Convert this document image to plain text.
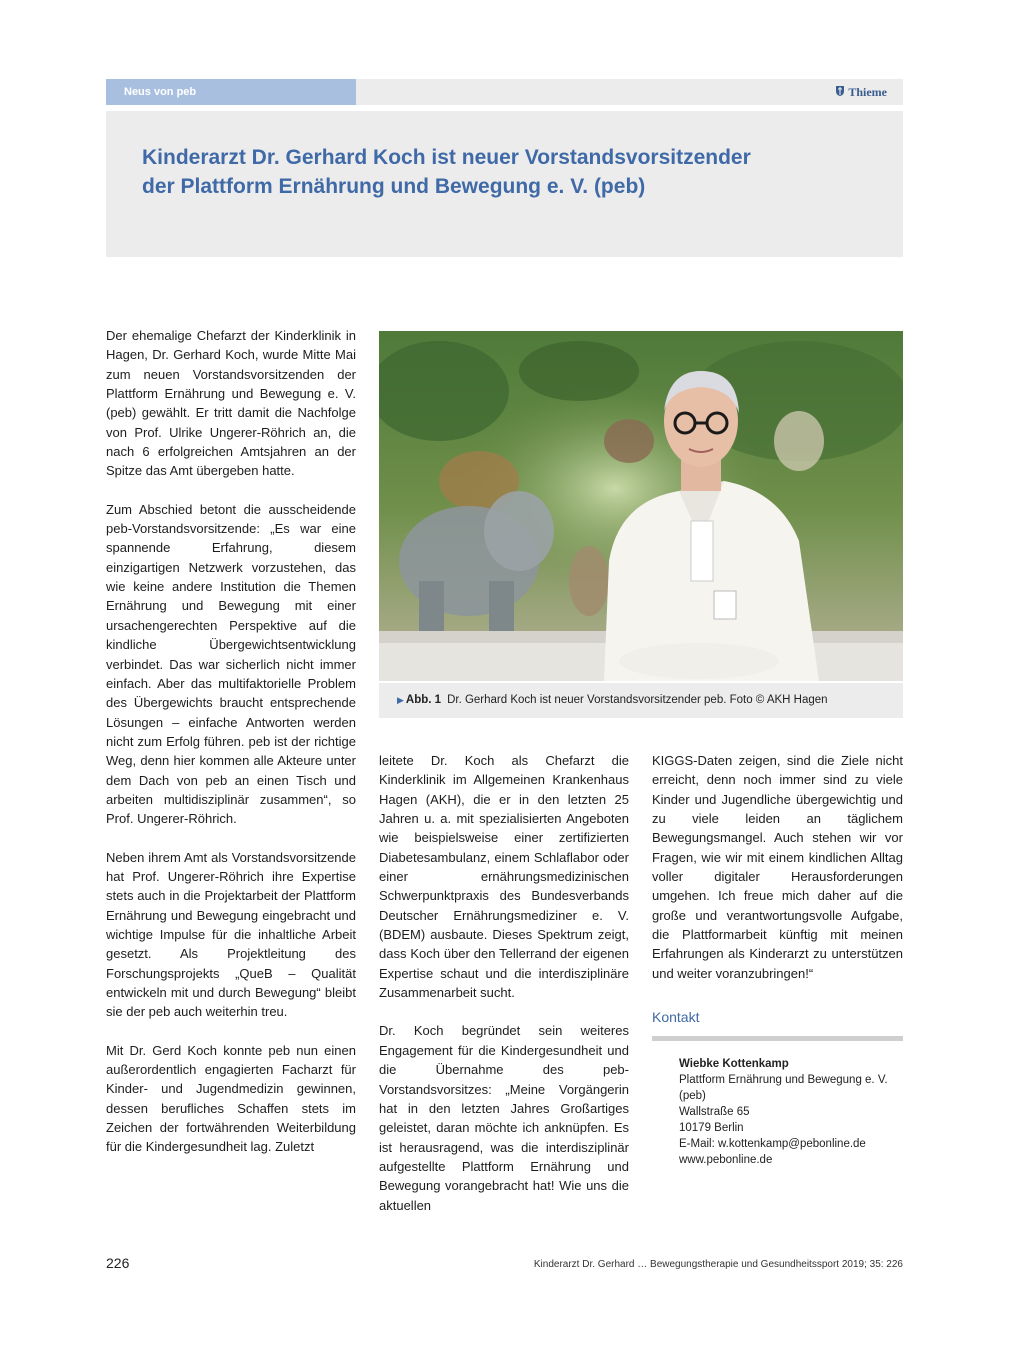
Neus von peb	Thieme
Kinderarzt Dr. Gerhard Koch ist neuer Vorstandsvorsitzender
der Plattform Ernährung und Bewegung e. V. (peb)

Der ehemalige Chefarzt der Kinderklinik in Hagen, Dr. Gerhard Koch, wurde Mitte Mai zum neuen Vorstandsvorsitzenden der Plattform Ernährung und Bewegung e. V. (peb) gewählt. Er tritt damit die Nachfolge von Prof. Ulrike Ungerer-Röhrich an, die nach 6 erfolgreichen Amtsjahren an der Spitze das Amt übergeben hatte.

Zum Abschied betont die ausscheidende peb-Vorstandsvorsitzende: „Es war eine spannende Erfahrung, diesem einzigartigen Netzwerk vorzustehen, das wie keine andere Institution die Themen Ernährung und Bewegung mit einer ursachengerechten Perspektive auf die kindliche Übergewichtsentwicklung verbindet. Das war sicherlich nicht immer einfach. Aber das multifaktorielle Problem des Übergewichts braucht entsprechende Lösungen – einfache Antworten werden nicht zum Erfolg führen. peb ist der richtige Weg, denn hier kommen alle Akteure unter dem Dach von peb an einen Tisch und arbeiten multidisziplinär zusammen“, so Prof. Ungerer-Röhrich.

Neben ihrem Amt als Vorstandsvorsitzende hat Prof. Ungerer-Röhrich ihre Expertise stets auch in die Projektarbeit der Plattform Ernährung und Bewegung eingebracht und wichtige Impulse für die inhaltliche Arbeit gesetzt. Als Projektleitung des Forschungsprojekts „QueB – Qualität entwickeln mit und durch Bewegung“ bleibt sie der peb auch weiterhin treu.

Mit Dr. Gerd Koch konnte peb nun einen außerordentlich engagierten Facharzt für Kinder- und Jugendmedizin gewinnen, dessen berufliches Schaffen stets im Zeichen der fortwährenden Weiterbildung für die Kindergesundheit lag. Zuletzt

▶ Abb. 1 Dr. Gerhard Koch ist neuer Vorstandsvorsitzender peb. Foto © AKH Hagen

leitete Dr. Koch als Chefarzt die Kinderklinik im Allgemeinen Krankenhaus Hagen (AKH), die er in den letzten 25 Jahren u. a. mit spezialisierten Angeboten wie beispielsweise einer zertifizierten Diabetesambulanz, einem Schlaflabor oder einer ernährungsmedizinischen Schwerpunktpraxis des Bundesverbands Deutscher Ernährungsmediziner e. V. (BDEM) ausbaute. Dieses Spektrum zeigt, dass Koch über den Tellerrand der eigenen Expertise schaut und die interdisziplinäre Zusammenarbeit sucht.

Dr. Koch begründet sein weiteres Engagement für die Kindergesundheit und die Übernahme des peb-Vorstandsvorsitzes: „Meine Vorgängerin hat in den letzten Jahres Großartiges geleistet, daran möchte ich anknüpfen. Es ist herausragend, was die interdisziplinär aufgestellte Plattform Ernährung und Bewegung vorangebracht hat! Wie uns die aktuellen

KIGGS-Daten zeigen, sind die Ziele nicht erreicht, denn noch immer sind zu viele Kinder und Jugendliche übergewichtig und zu viele leiden an täglichem Bewegungsmangel. Auch stehen wir vor Fragen, wie wir mit einem kindlichen Alltag voller digitaler Herausforderungen umgehen. Ich freue mich daher auf die große und verantwortungsvolle Aufgabe, die Plattformarbeit künftig mit meinen Erfahrungen als Kinderarzt zu unterstützen und weiter voranzubringen!“

Kontakt
Wiebke Kottenkamp
Plattform Ernährung und Bewegung e. V.
(peb)
Wallstraße 65
10179 Berlin
E-Mail: w.kottenkamp@pebonline.de
www.pebonline.de
226	Kinderarzt Dr. Gerhard … Bewegungstherapie und Gesundheitssport 2019; 35: 226
